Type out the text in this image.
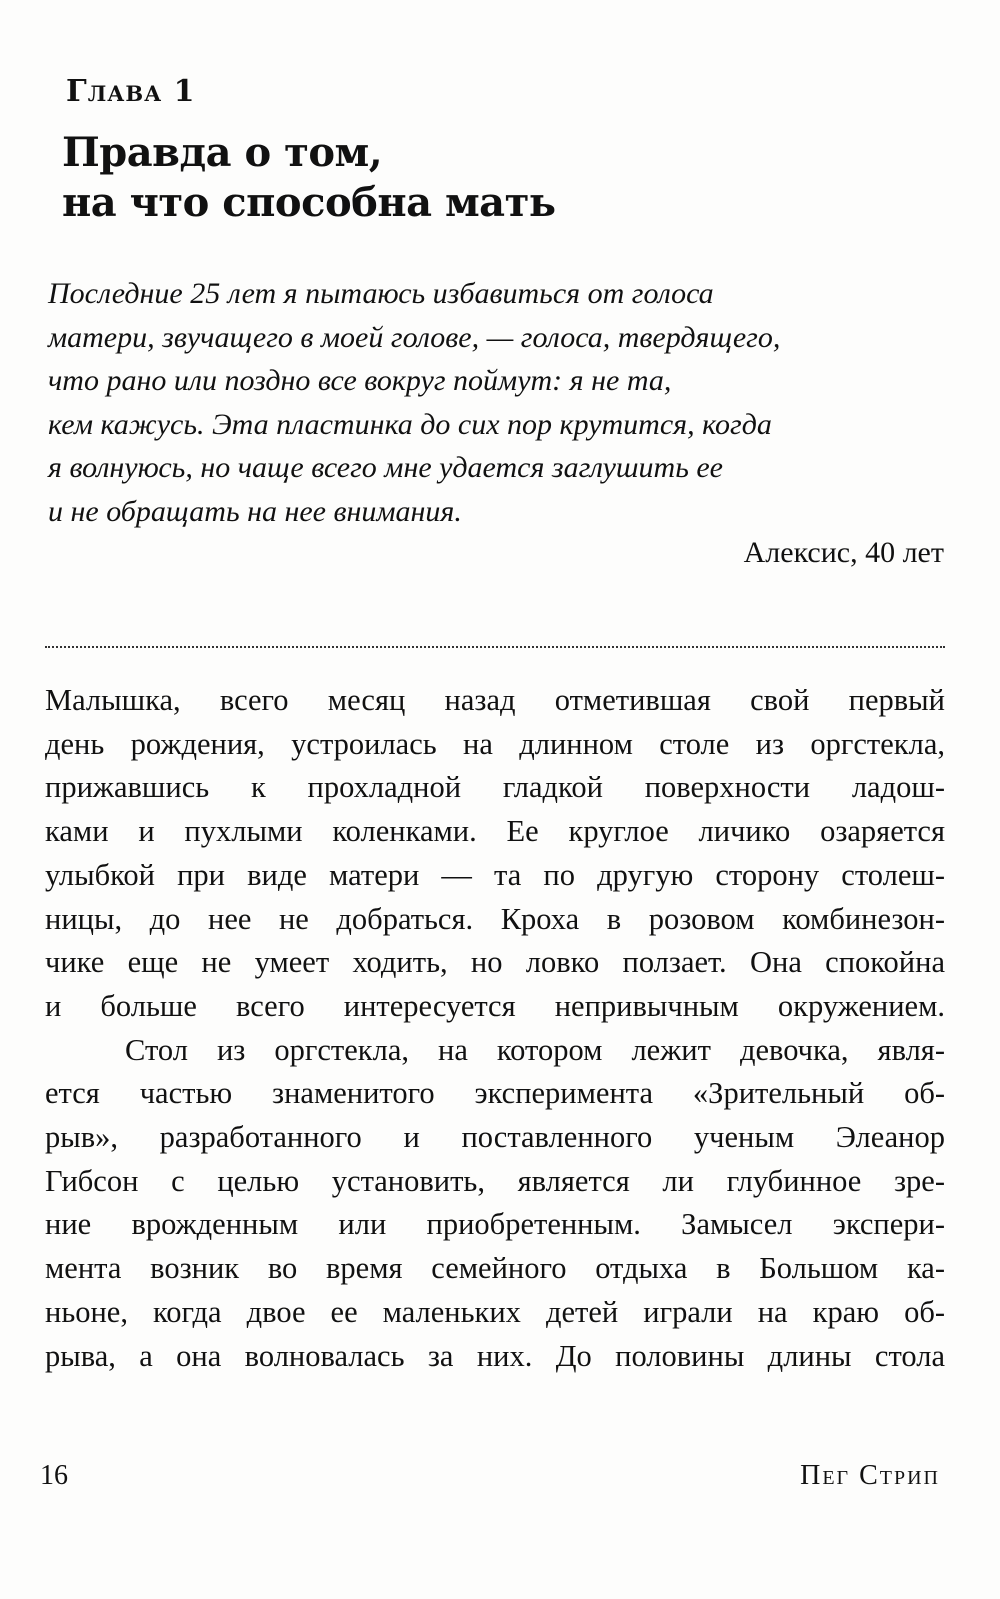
Глава 1
Правда о том,
на что способна мать
Последние 25 лет я пытаюсь избавиться от голоса
матери, звучащего в моей голове, — голоса, твердящего,
что рано или поздно все вокруг поймут: я не та,
кем кажусь. Эта пластинка до сих пор крутится, когда
я волнуюсь, но чаще всего мне удается заглушить ее
и не обращать на нее внимания.
Алексис, 40 лет
Малышка, всего месяц назад отметившая свой первый
день рождения, устроилась на длинном столе из оргстекла,
прижавшись к прохладной гладкой поверхности ладош-
ками и пухлыми коленками. Ее круглое личико озаряется
улыбкой при виде матери — та по другую сторону столеш-
ницы, до нее не добраться. Кроха в розовом комбинезон-
чике еще не умеет ходить, но ловко ползает. Она спокойна
и больше всего интересуется непривычным окружением.
Стол из оргстекла, на котором лежит девочка, явля-
ется частью знаменитого эксперимента «Зрительный об-
рыв», разработанного и поставленного ученым Элеанор
Гибсон с целью установить, является ли глубинное зре-
ние врожденным или приобретенным. Замысел экспери-
мента возник во время семейного отдыха в Большом ка-
ньоне, когда двое ее маленьких детей играли на краю об-
рыва, а она волновалась за них. До половины длины стола
16	Пег Стрип
